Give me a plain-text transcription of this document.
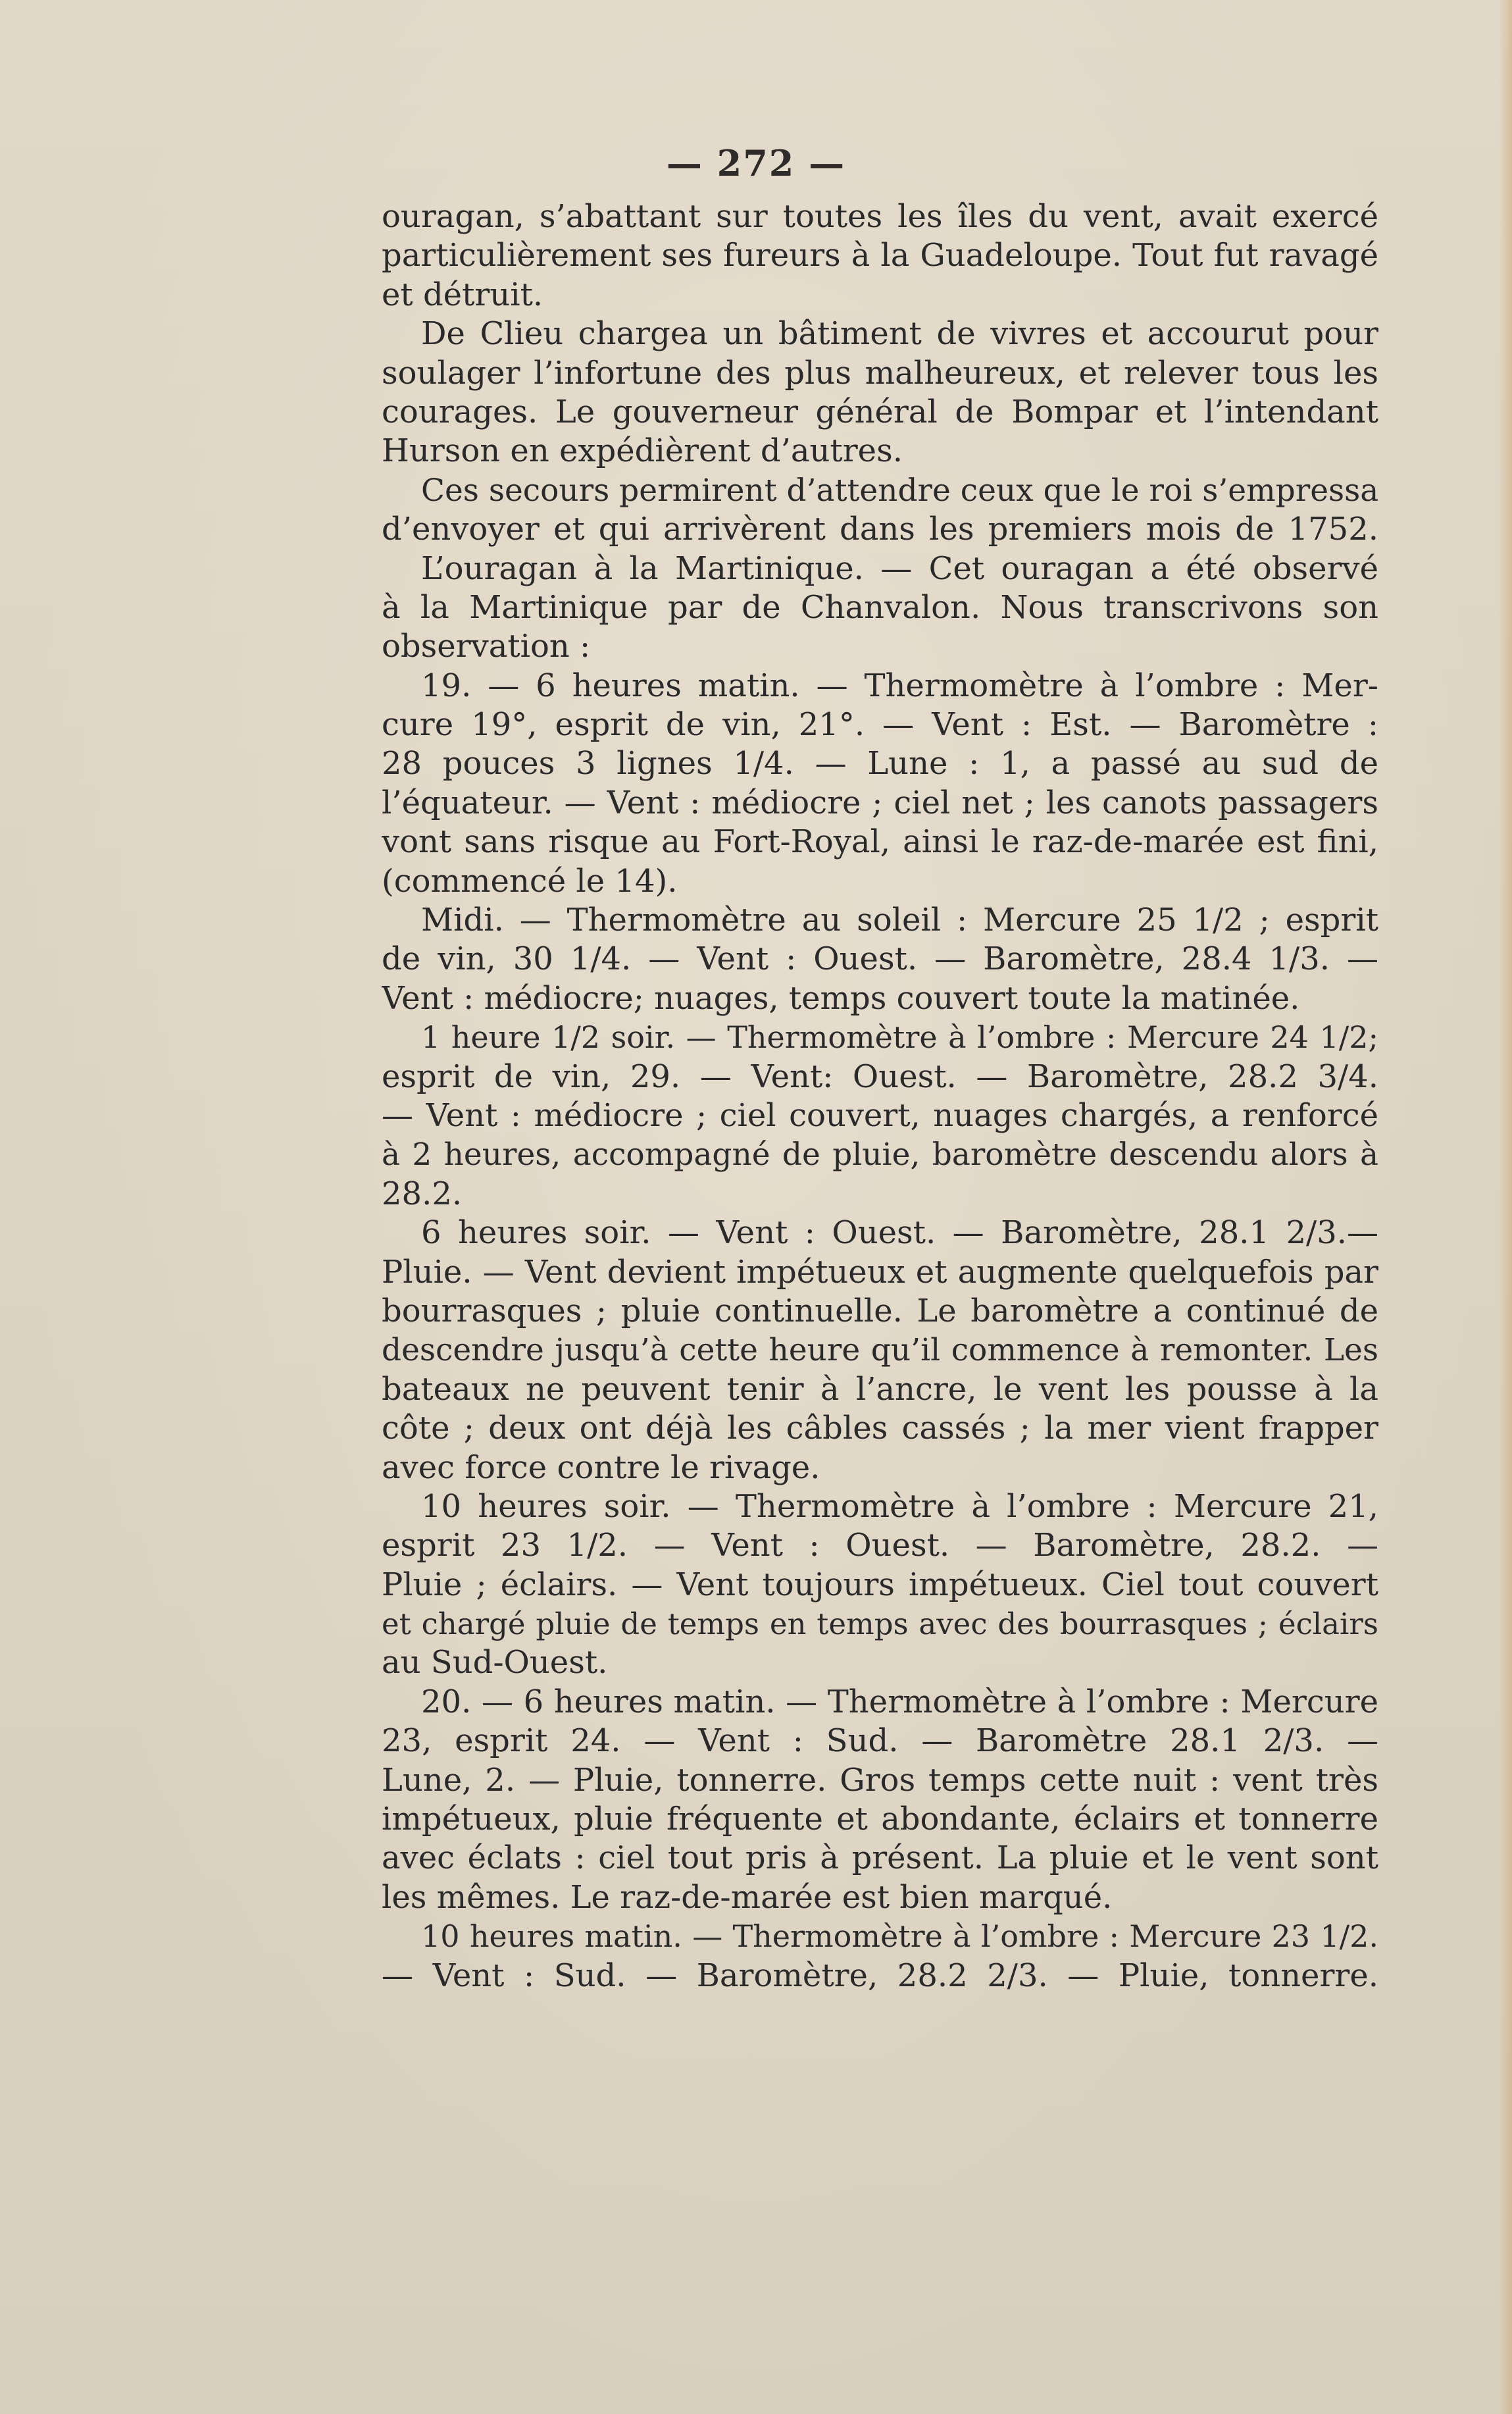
— 272 —
ouragan, s’abattant sur toutes les îles du vent, avait exercé
particulièrement ses fureurs à la Guadeloupe. Tout fut ravagé
et détruit.
De Clieu chargea un bâtiment de vivres et accourut pour
soulager l’infortune des plus malheureux, et relever tous les
courages. Le gouverneur général de Bompar et l’intendant
Hurson en expédièrent d’autres.
Ces secours permirent d’attendre ceux que le roi s’empressa
d’envoyer et qui arrivèrent dans les premiers mois de 1752.
L’ouragan à la Martinique. — Cet ouragan a été observé
à la Martinique par de Chanvalon. Nous transcrivons son
observation :
19. — 6 heures matin. — Thermomètre à l’ombre : Mer-
cure 19°, esprit de vin, 21°. — Vent : Est. — Baromètre :
28 pouces 3 lignes 1/4. — Lune : 1, a passé au sud de
l’équateur. — Vent : médiocre ; ciel net ; les canots passagers
vont sans risque au Fort-Royal, ainsi le raz-de-marée est fini,
(commencé le 14).
Midi. — Thermomètre au soleil : Mercure 25 1/2 ; esprit
de vin, 30 1/4. — Vent : Ouest. — Baromètre, 28.4 1/3. —
Vent : médiocre; nuages, temps couvert toute la matinée.
1 heure 1/2 soir. — Thermomètre à l’ombre : Mercure 24 1/2;
esprit de vin, 29. — Vent: Ouest. — Baromètre, 28.2 3/4.
— Vent : médiocre ; ciel couvert, nuages chargés, a renforcé
à 2 heures, accompagné de pluie, baromètre descendu alors à
28.2.
6 heures soir. — Vent : Ouest. — Baromètre, 28.1 2/3.—
Pluie. — Vent devient impétueux et augmente quelquefois par
bourrasques ; pluie continuelle. Le baromètre a continué de
descendre jusqu’à cette heure qu’il commence à remonter. Les
bateaux ne peuvent tenir à l’ancre, le vent les pousse à la
côte ; deux ont déjà les câbles cassés ; la mer vient frapper
avec force contre le rivage.
10 heures soir. — Thermomètre à l’ombre : Mercure 21,
esprit 23 1/2. — Vent : Ouest. — Baromètre, 28.2. —
Pluie ; éclairs. — Vent toujours impétueux. Ciel tout couvert
et chargé pluie de temps en temps avec des bourrasques ; éclairs
au Sud-Ouest.
20. — 6 heures matin. — Thermomètre à l’ombre : Mercure
23, esprit 24. — Vent : Sud. — Baromètre 28.1 2/3. —
Lune, 2. — Pluie, tonnerre. Gros temps cette nuit : vent très
impétueux, pluie fréquente et abondante, éclairs et tonnerre
avec éclats : ciel tout pris à présent. La pluie et le vent sont
les mêmes. Le raz-de-marée est bien marqué.
10 heures matin. — Thermomètre à l’ombre : Mercure 23 1/2.
— Vent : Sud. — Baromètre, 28.2 2/3. — Pluie, tonnerre.
